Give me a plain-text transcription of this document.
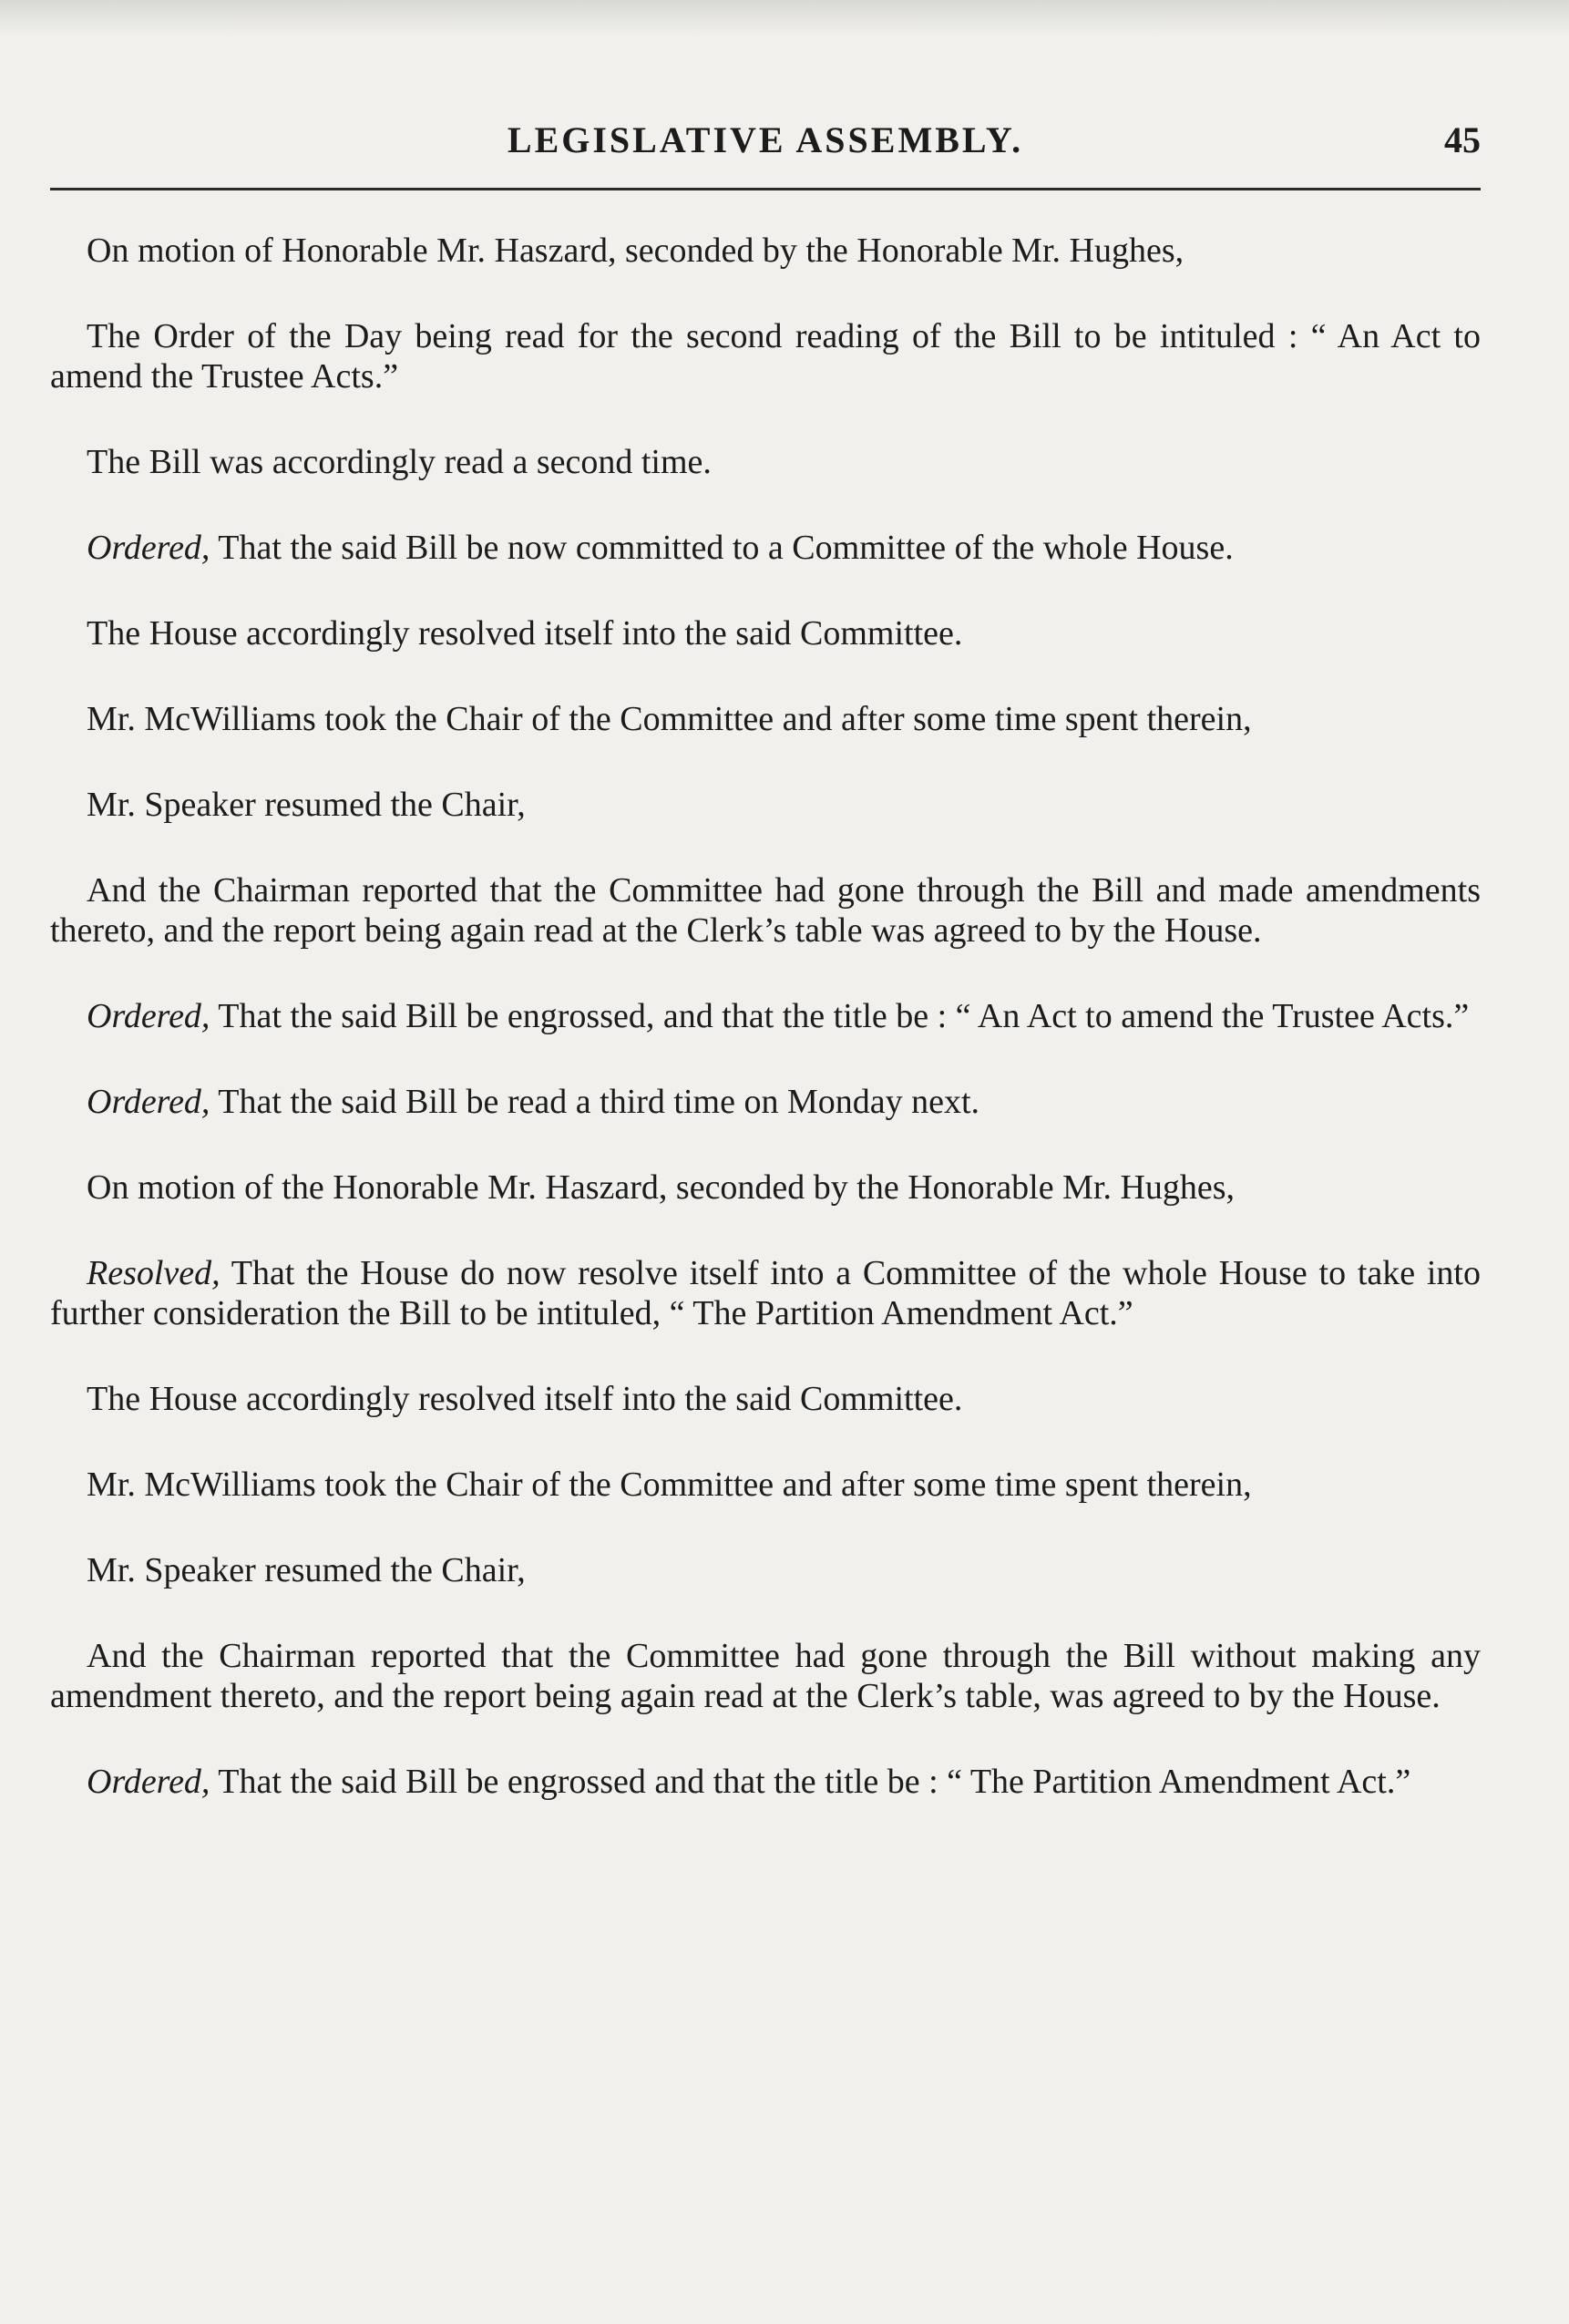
LEGISLATIVE ASSEMBLY.	45

On motion of Honorable Mr. Haszard, seconded by the Honorable Mr. Hughes,

The Order of the Day being read for the second reading of the Bill to be intituled : “ An Act to amend the Trustee Acts.”

The Bill was accordingly read a second time.

Ordered, That the said Bill be now committed to a Committee of the whole House.

The House accordingly resolved itself into the said Committee.

Mr. McWilliams took the Chair of the Committee and after some time spent therein,

Mr. Speaker resumed the Chair,

And the Chairman reported that the Committee had gone through the Bill and made amendments thereto, and the report being again read at the Clerk’s table was agreed to by the House.

Ordered, That the said Bill be engrossed, and that the title be : “ An Act to amend the Trustee Acts.”

Ordered, That the said Bill be read a third time on Monday next.

On motion of the Honorable Mr. Haszard, seconded by the Honorable Mr. Hughes,

Resolved, That the House do now resolve itself into a Committee of the whole House to take into further consideration the Bill to be intituled, “ The Partition Amendment Act.”

The House accordingly resolved itself into the said Committee.

Mr. McWilliams took the Chair of the Committee and after some time spent therein,

Mr. Speaker resumed the Chair,

And the Chairman reported that the Committee had gone through the Bill without making any amendment thereto, and the report being again read at the Clerk’s table, was agreed to by the House.

Ordered, That the said Bill be engrossed and that the title be : “ The Partition Amendment Act.”
